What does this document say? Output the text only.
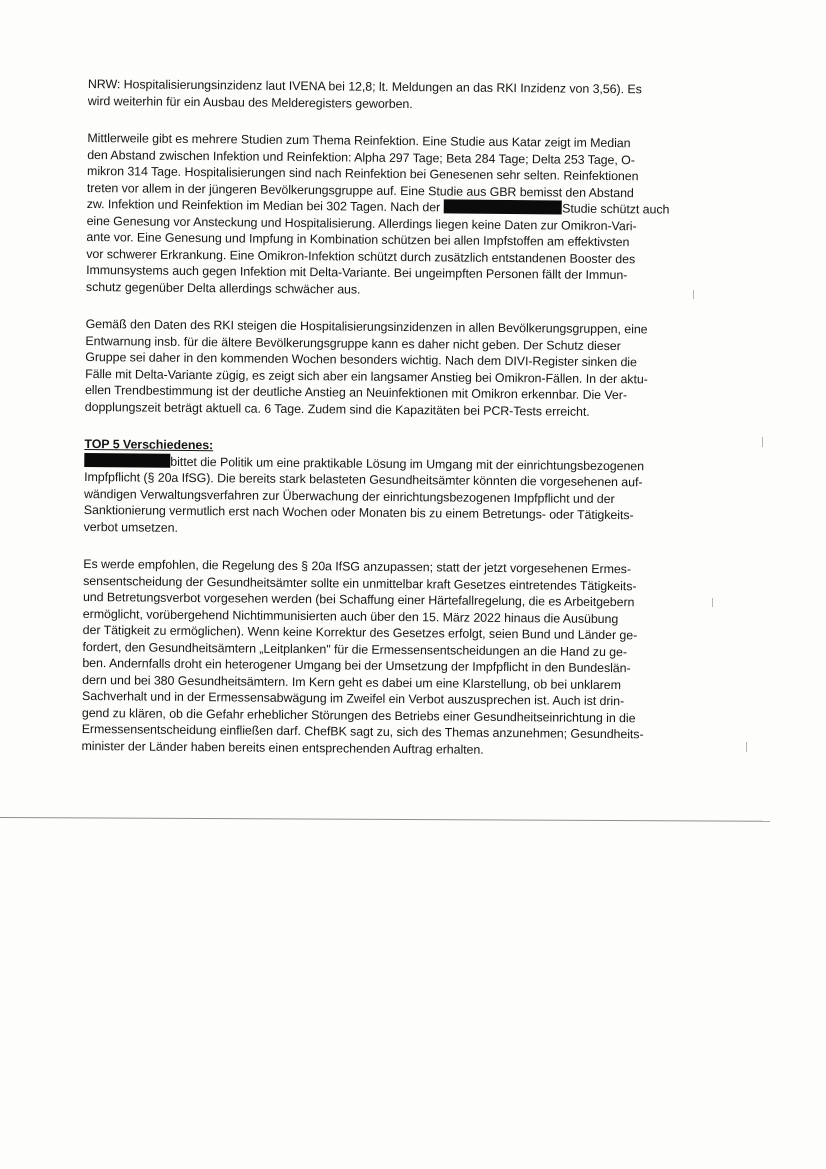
NRW: Hospitalisierungsinzidenz laut IVENA bei 12,8; lt. Meldungen an das RKI Inzidenz von 3,56). Es
wird weiterhin für ein Ausbau des Melderegisters geworben.
Mittlerweile gibt es mehrere Studien zum Thema Reinfektion. Eine Studie aus Katar zeigt im Median
den Abstand zwischen Infektion und Reinfektion: Alpha 297 Tage; Beta 284 Tage; Delta 253 Tage, O-
mikron 314 Tage. Hospitalisierungen sind nach Reinfektion bei Genesenen sehr selten. Reinfektionen
treten vor allem in der jüngeren Bevölkerungsgruppe auf. Eine Studie aus GBR bemisst den Abstand
zw. Infektion und Reinfektion im Median bei 302 Tagen. Nach der	Studie schützt auch
eine Genesung vor Ansteckung und Hospitalisierung. Allerdings liegen keine Daten zur Omikron-Vari-
ante vor. Eine Genesung und Impfung in Kombination schützen bei allen Impfstoffen am effektivsten
vor schwerer Erkrankung. Eine Omikron-Infektion schützt durch zusätzlich entstandenen Booster des
Immunsystems auch gegen Infektion mit Delta-Variante. Bei ungeimpften Personen fällt der Immun-
schutz gegenüber Delta allerdings schwächer aus.
Gemäß den Daten des RKI steigen die Hospitalisierungsinzidenzen in allen Bevölkerungsgruppen, eine
Entwarnung insb. für die ältere Bevölkerungsgruppe kann es daher nicht geben. Der Schutz dieser
Gruppe sei daher in den kommenden Wochen besonders wichtig. Nach dem DIVI-Register sinken die
Fälle mit Delta-Variante zügig, es zeigt sich aber ein langsamer Anstieg bei Omikron-Fällen. In der aktu-
ellen Trendbestimmung ist der deutliche Anstieg an Neuinfektionen mit Omikron erkennbar. Die Ver-
dopplungszeit beträgt aktuell ca. 6 Tage. Zudem sind die Kapazitäten bei PCR-Tests erreicht.
TOP 5 Verschiedenes:
bittet die Politik um eine praktikable Lösung im Umgang mit der einrichtungsbezogenen
Impfpflicht (§ 20a IfSG). Die bereits stark belasteten Gesundheitsämter könnten die vorgesehenen auf-
wändigen Verwaltungsverfahren zur Überwachung der einrichtungsbezogenen Impfpflicht und der
Sanktionierung vermutlich erst nach Wochen oder Monaten bis zu einem Betretungs- oder Tätigkeits-
verbot umsetzen.
Es werde empfohlen, die Regelung des § 20a IfSG anzupassen; statt der jetzt vorgesehenen Ermes-
sensentscheidung der Gesundheitsämter sollte ein unmittelbar kraft Gesetzes eintretendes Tätigkeits-
und Betretungsverbot vorgesehen werden (bei Schaffung einer Härtefallregelung, die es Arbeitgebern
ermöglicht, vorübergehend Nichtimmunisierten auch über den 15. März 2022 hinaus die Ausübung
der Tätigkeit zu ermöglichen). Wenn keine Korrektur des Gesetzes erfolgt, seien Bund und Länder ge-
fordert, den Gesundheitsämtern „Leitplanken" für die Ermessensentscheidungen an die Hand zu ge-
ben. Andernfalls droht ein heterogener Umgang bei der Umsetzung der Impfpflicht in den Bundeslän-
dern und bei 380 Gesundheitsämtern. Im Kern geht es dabei um eine Klarstellung, ob bei unklarem
Sachverhalt und in der Ermessensabwägung im Zweifel ein Verbot auszusprechen ist. Auch ist drin-
gend zu klären, ob die Gefahr erheblicher Störungen des Betriebs einer Gesundheitseinrichtung in die
Ermessensentscheidung einfließen darf. ChefBK sagt zu, sich des Themas anzunehmen; Gesundheits-
minister der Länder haben bereits einen entsprechenden Auftrag erhalten.
